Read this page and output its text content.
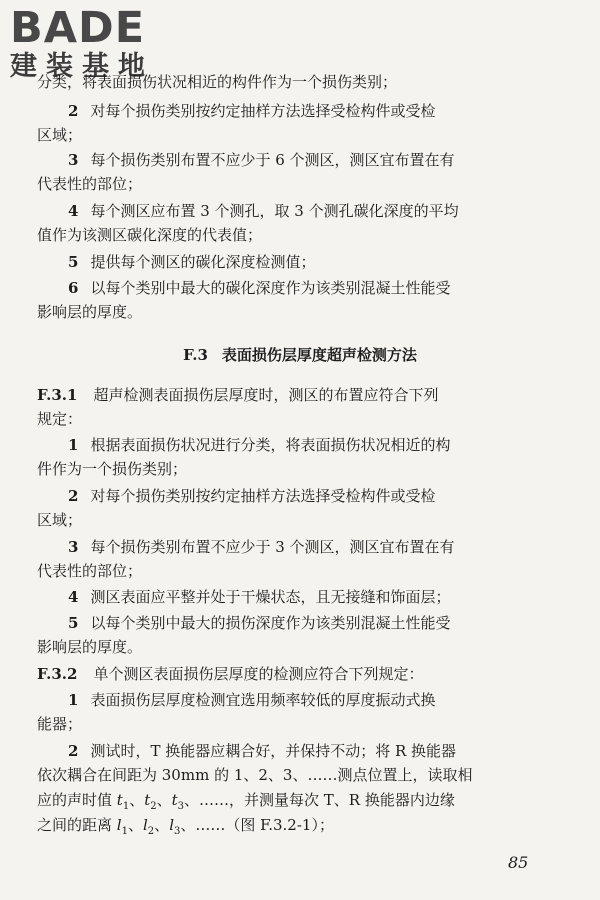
BADE
建装基地
分类，将表面损伤状况相近的构件作为一个损伤类别；
2 对每个损伤类别按约定抽样方法选择受检构件或受检
区域；
3 每个损伤类别布置不应少于 6 个测区，测区宜布置在有
代表性的部位；
4 每个测区应布置 3 个测孔，取 3 个测孔碳化深度的平均
值作为该测区碳化深度的代表值；
5 提供每个测区的碳化深度检测值；
6 以每个类别中最大的碳化深度作为该类别混凝土性能受
影响层的厚度。
F.3 表面损伤层厚度超声检测方法
F.3.1 超声检测表面损伤层厚度时，测区的布置应符合下列
规定：
1 根据表面损伤状况进行分类，将表面损伤状况相近的构
件作为一个损伤类别；
2 对每个损伤类别按约定抽样方法选择受检构件或受检
区域；
3 每个损伤类别布置不应少于 3 个测区，测区宜布置在有
代表性的部位；
4 测区表面应平整并处于干燥状态，且无接缝和饰面层；
5 以每个类别中最大的损伤深度作为该类别混凝土性能受
影响层的厚度。
F.3.2 单个测区表面损伤层厚度的检测应符合下列规定：
1 表面损伤层厚度检测宜选用频率较低的厚度振动式换
能器；
2 测试时，T 换能器应耦合好，并保持不动；将 R 换能器
依次耦合在间距为 30mm 的 1、2、3、……测点位置上，读取相
应的声时值 $t_1$、$t_2$、$t_3$、……，并测量每次 T、R 换能器内边缘
之间的距离 $l_1$、$l_2$、$l_3$、……（图 F.3.2-1）；
85
